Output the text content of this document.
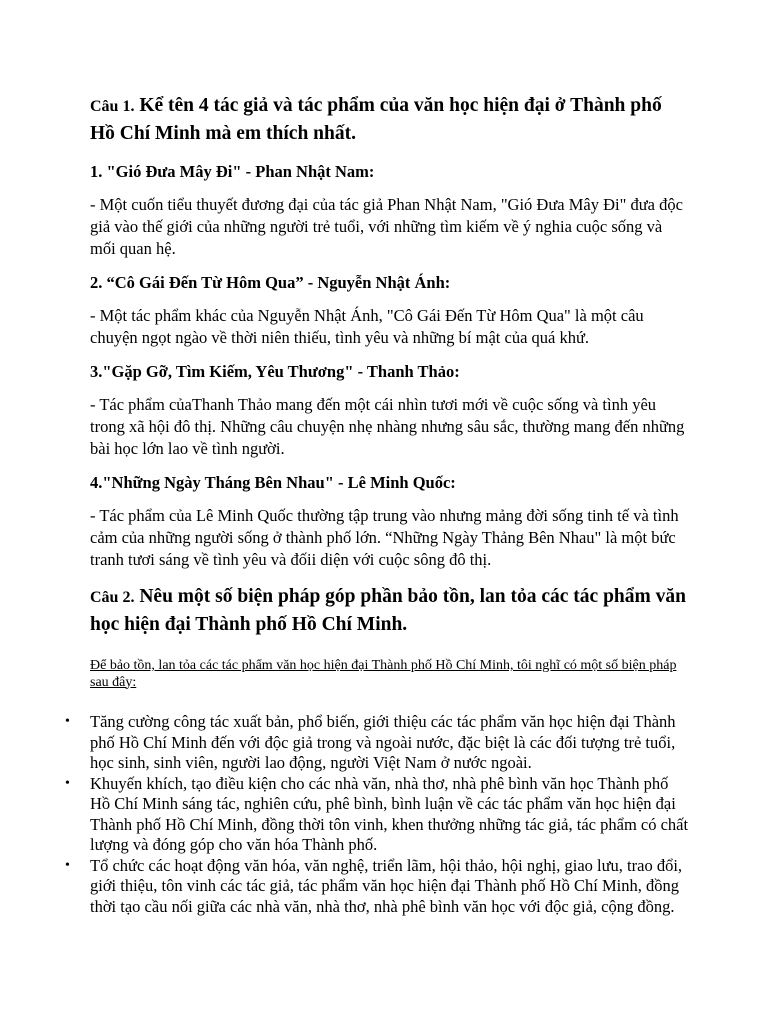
Câu 1. Kể tên 4 tác giả và tác phẩm của văn học hiện đại ở Thành phố Hồ Chí Minh mà em thích nhất.

1. "Gió Đưa Mây Đi" - Phan Nhật Nam:

- Một cuốn tiểu thuyết đương đại của tác giả Phan Nhật Nam, "Gió Đưa Mây Đi" đưa độc giả vào thế giới của những người trẻ tuổi, với những tìm kiếm về ý nghia cuộc sống và mối quan hệ.

2. “Cô Gái Đến Từ Hôm Qua” - Nguyễn Nhật Ánh:

- Một tác phẩm khác của Nguyễn Nhật Ánh, "Cô Gái Đến Từ Hôm Qua" là một câu chuyện ngọt ngào về thời niên thiếu, tình yêu và những bí mật của quá khứ.

3."Gặp Gỡ, Tìm Kiếm, Yêu Thương" - Thanh Thảo:

- Tác phẩm củaThanh Thảo mang đến một cái nhìn tươi mới về cuộc sống và tình yêu trong xã hội đô thị. Những câu chuyện nhẹ nhàng nhưng sâu sắc, thường mang đến những bài học lớn lao về tình người.

4."Những Ngày Tháng Bên Nhau" - Lê Minh Quốc:

- Tác phẩm của Lê Minh Quốc thường tập trung vào nhưng mảng đời sống tinh tế và tình cảm của những người sống ở thành phố lớn. “Những Ngày Thảng Bên Nhau" là một bức tranh tươi sáng về tình yêu và đốii diện với cuộc sông đô thị.

Câu 2. Nêu một số biện pháp góp phần bảo tồn, lan tỏa các tác phẩm văn học hiện đại Thành phố Hồ Chí Minh.

Để bảo tồn, lan tỏa các tác phẩm văn học hiện đại Thành phố Hồ Chí Minh, tôi nghĩ có một số biện pháp sau đây:

• Tăng cường công tác xuất bản, phổ biến, giới thiệu các tác phẩm văn học hiện đại Thành phố Hồ Chí Minh đến với độc giả trong và ngoài nước, đặc biệt là các đối tượng trẻ tuổi, học sinh, sinh viên, người lao động, người Việt Nam ở nước ngoài.
• Khuyến khích, tạo điều kiện cho các nhà văn, nhà thơ, nhà phê bình văn học Thành phố Hồ Chí Minh sáng tác, nghiên cứu, phê bình, bình luận về các tác phẩm văn học hiện đại Thành phố Hồ Chí Minh, đồng thời tôn vinh, khen thưởng những tác giả, tác phẩm có chất lượng và đóng góp cho văn hóa Thành phố.
• Tổ chức các hoạt động văn hóa, văn nghệ, triển lãm, hội thảo, hội nghị, giao lưu, trao đổi, giới thiệu, tôn vinh các tác giả, tác phẩm văn học hiện đại Thành phố Hồ Chí Minh, đồng thời tạo cầu nối giữa các nhà văn, nhà thơ, nhà phê bình văn học với độc giả, cộng đồng.
